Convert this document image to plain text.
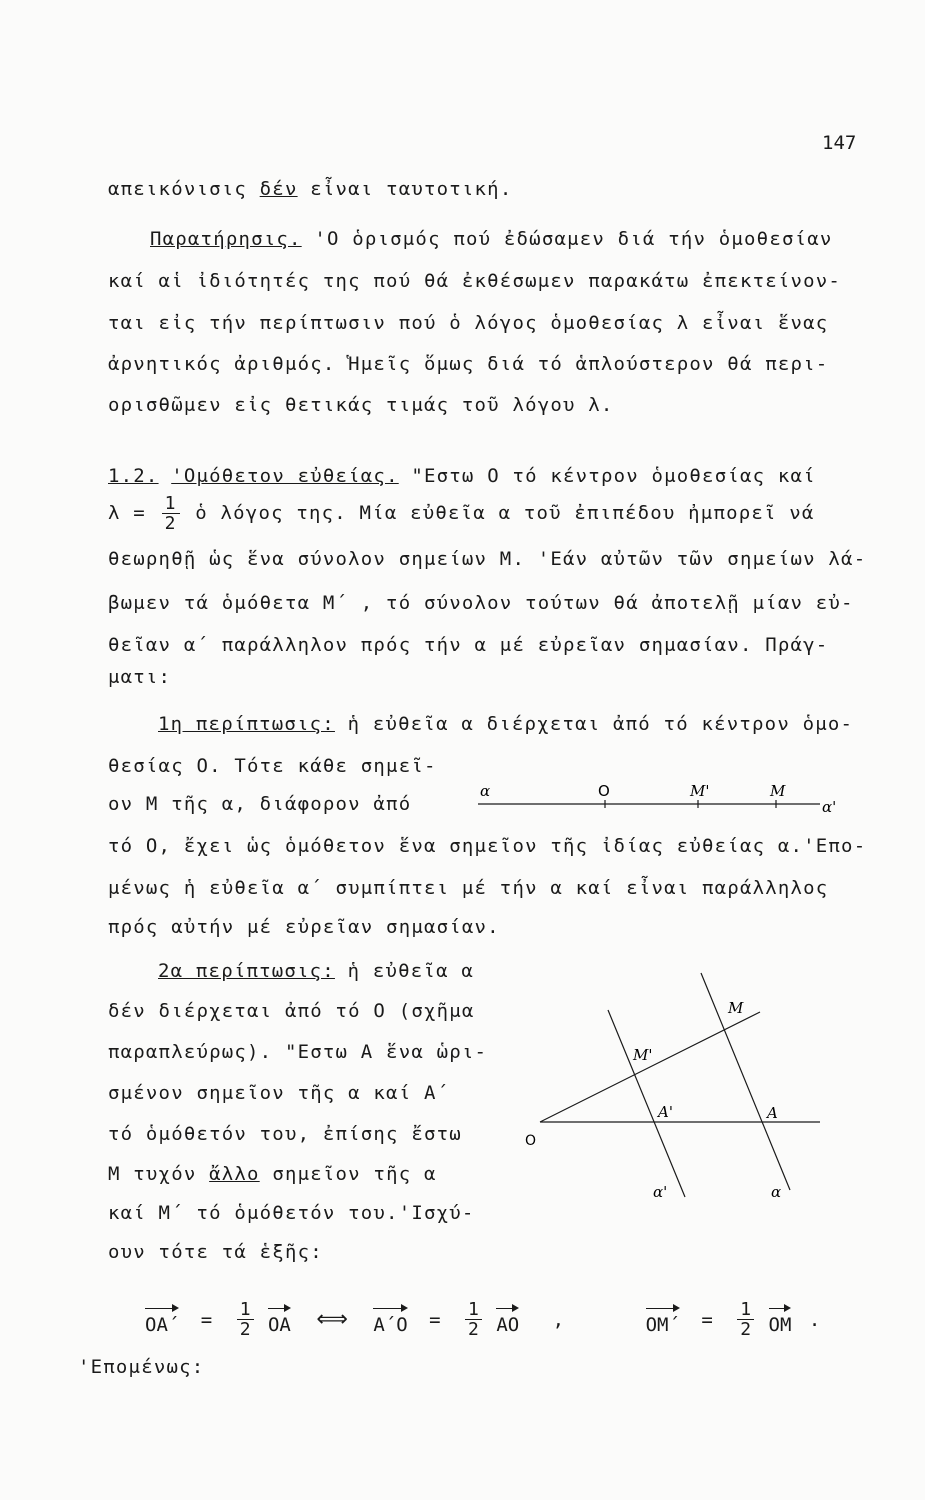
147
απεικόνισις δέν εἶναι ταυτοτική.
Παρατήρησις. 'Ο ὁρισμός πού ἐδώσαμεν διά τήν ὁμοθεσίαν
καί αἱ ἰδιότητές της πού θά ἐκθέσωμεν παρακάτω ἐπεκτείνον-
ται εἰς τήν περίπτωσιν πού ὁ λόγος ὁμοθεσίας λ εἶναι ἕνας
ἀρνητικός ἀριθμός. Ἡμεῖς ὅμως διά τό ἁπλούστερον θά περι-
ορισθῶμεν εἰς θετικάς τιμάς τοῦ λόγου λ.
1.2. 'Ομόθετον εὐθείας. "Εστω O τό κέντρον ὁμοθεσίας καί
$\lambda = \frac{1}{2}$ ὁ λόγος της. Μία εὐθεῖα α τοῦ ἐπιπέδου ἠμπορεῖ νά
θεωρηθῇ ὡς ἕνα σύνολον σημείων Μ. 'Εάν αὐτῶν τῶν σημείων λά-
βωμεν τά ὁμόθετα Μ΄ , τό σύνολον τούτων θά ἀποτελῇ μίαν εὐ-
θεῖαν α΄ παράλληλον πρός τήν α μέ εὐρεῖαν σημασίαν. Πράγ-
ματι:
1η περίπτωσις: ἡ εὐθεῖα α διέρχεται ἀπό τό κέντρον ὁμο-
θεσίας O. Τότε κάθε σημεῖ-
ον Μ τῆς α, διάφορον ἀπό
α	O	Μ'	Μ
α'
τό O, ἔχει ὡς ὁμόθετον ἕνα σημεῖον τῆς ἰδίας εὐθείας α.'Επο-
μένως ἡ εὐθεῖα α΄ συμπίπτει μέ τήν α καί εἶναι παράλληλος
πρός αὐτήν μέ εὐρεῖαν σημασίαν.
2α περίπτωσις: ἡ εὐθεῖα α
δέν διέρχεται ἀπό τό O (σχῆμα
παραπλεύρως). "Εστω Α ἕνα ὡρι-
σμένον σημεῖον τῆς α καί Α΄
τό ὁμόθετόν του, ἐπίσης ἔστω
Μ τυχόν ἄλλο σημεῖον τῆς α
καί Μ΄ τό ὁμόθετόν του.'Ισχύ-
ουν τότε τά ἑξῆς:
Μ
Μ'
Α'	Α
O
α'	α
$OA΄ = \frac{1}{2}$ OA ⟺ $A΄O = \frac{1}{2}$ AO ,	$OM΄ = \frac{1}{2}$ OM .
'Επομένως:
